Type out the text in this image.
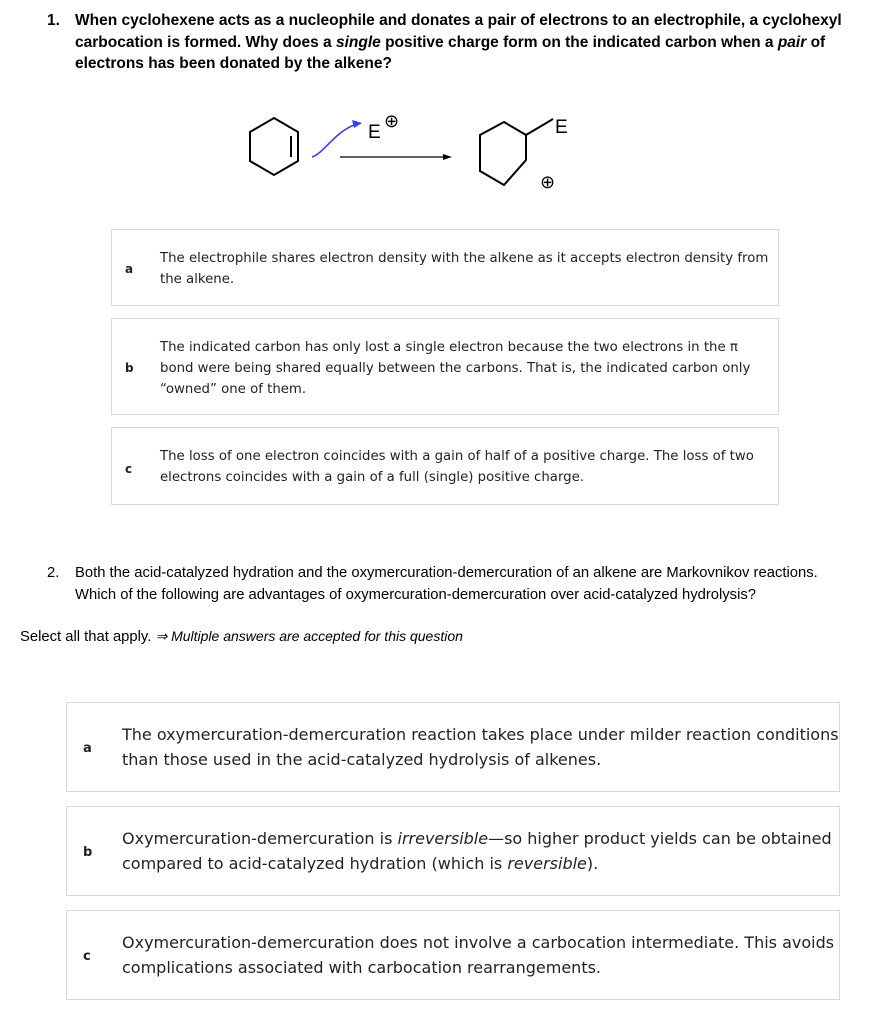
1. When cyclohexene acts as a nucleophile and donates a pair of electrons to an electrophile, a cyclohexyl carbocation is formed. Why does a single positive charge form on the indicated carbon when a pair of electrons has been donated by the alkene?
E
⊕	E
⊕
a
The electrophile shares electron density with the alkene as it accepts electron density from the alkene.
b
The indicated carbon has only lost a single electron because the two electrons in the π bond were being shared equally between the carbons. That is, the indicated carbon only “owned” one of them.
c
The loss of one electron coincides with a gain of half of a positive charge. The loss of two electrons coincides with a gain of a full (single) positive charge.
2. Both the acid-catalyzed hydration and the oxymercuration-demercuration of an alkene are Markovnikov reactions. Which of the following are advantages of oxymercuration-demercuration over acid-catalyzed hydrolysis?
Select all that apply. ⇒ Multiple answers are accepted for this question
a
The oxymercuration-demercuration reaction takes place under milder reaction conditions than those used in the acid-catalyzed hydrolysis of alkenes.
b
Oxymercuration-demercuration is irreversible—so higher product yields can be obtained compared to acid-catalyzed hydration (which is reversible).
c
Oxymercuration-demercuration does not involve a carbocation intermediate. This avoids complications associated with carbocation rearrangements.
